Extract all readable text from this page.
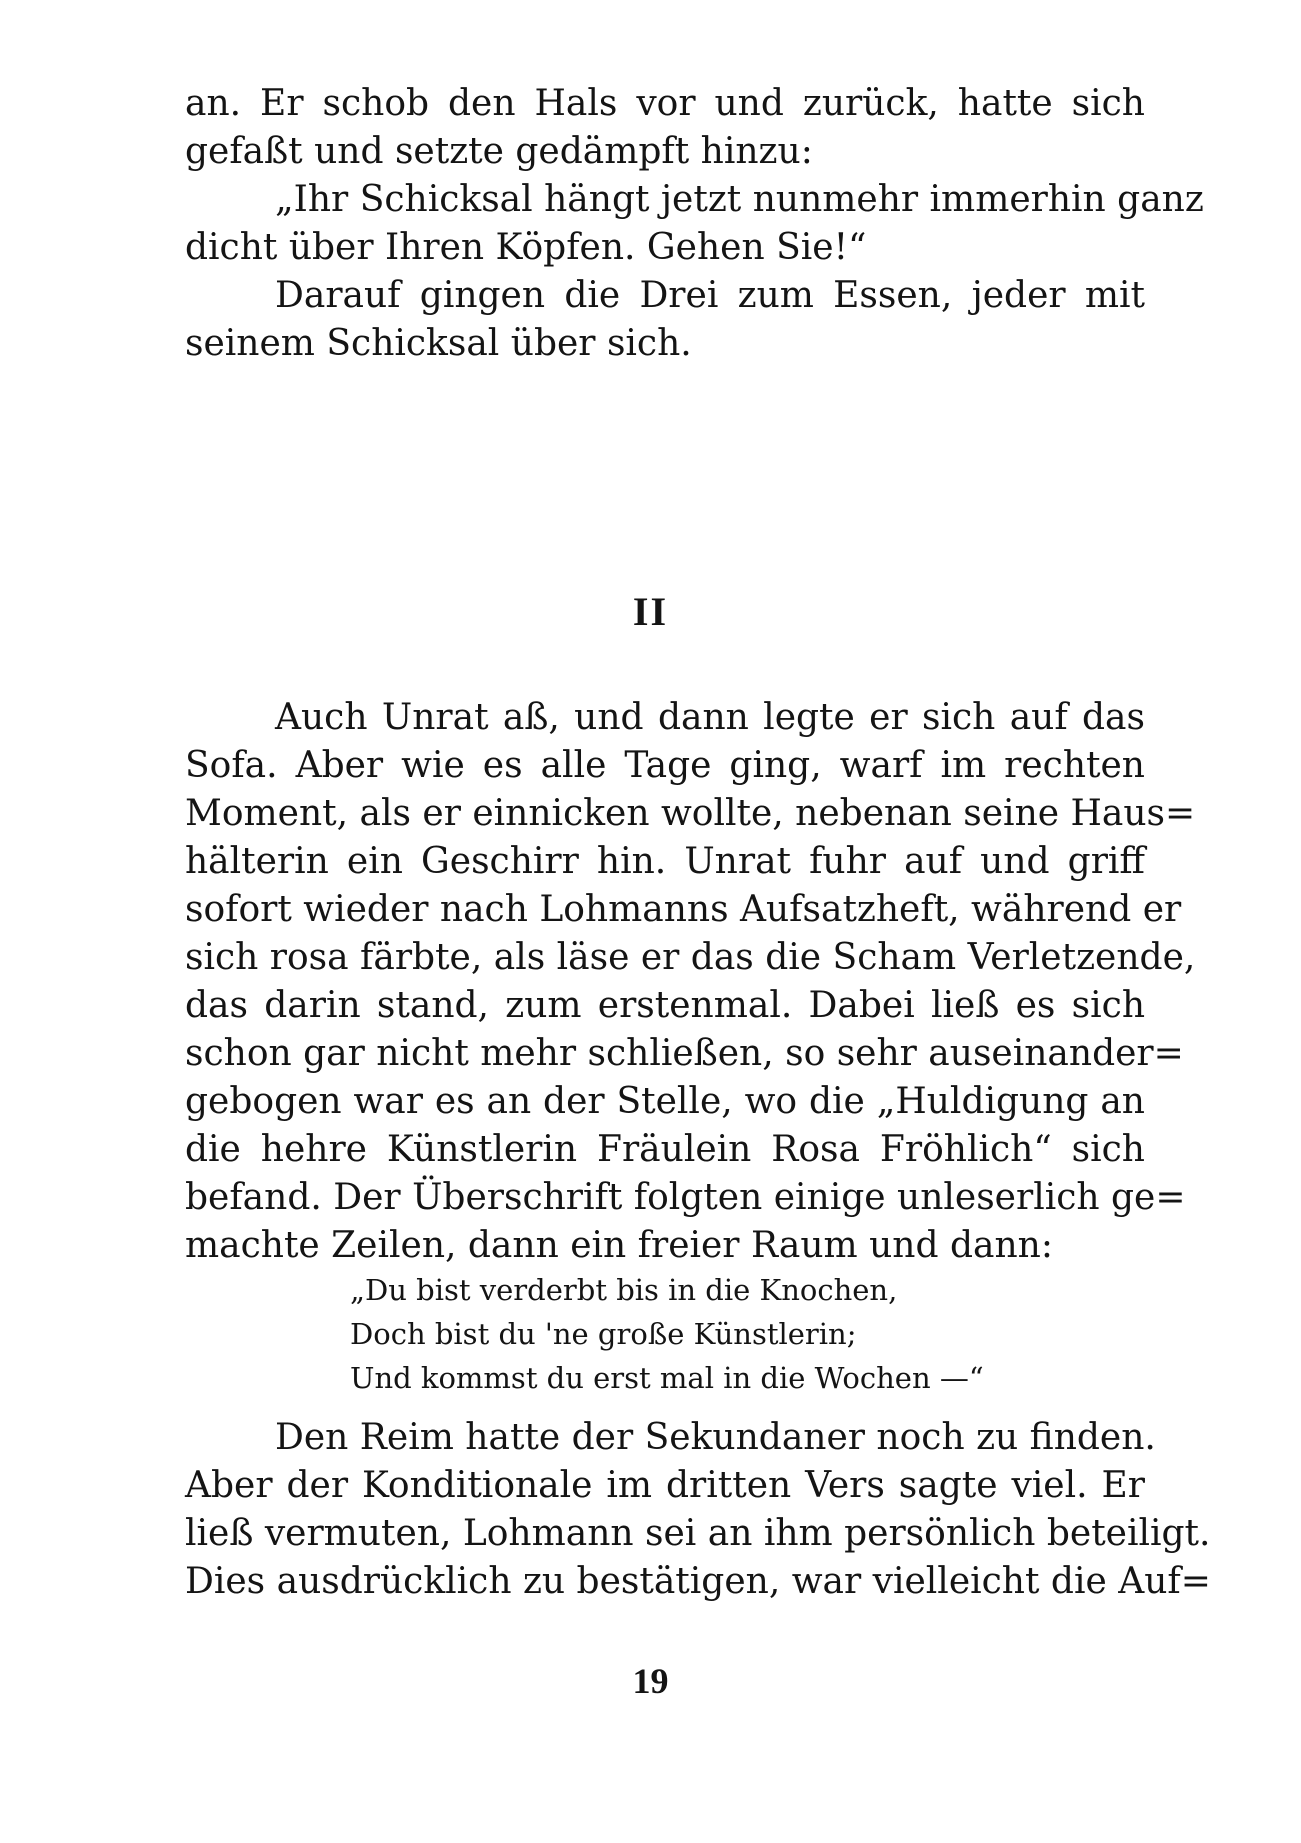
an. Er schob den Hals vor und zurück, hatte sich
gefaßt und setzte gedämpft hinzu:
„Ihr Schicksal hängt jetzt nunmehr immerhin ganz
dicht über Ihren Köpfen. Gehen Sie!“
Darauf gingen die Drei zum Essen, jeder mit
seinem Schicksal über sich.
II
Auch Unrat aß, und dann legte er sich auf das
Sofa. Aber wie es alle Tage ging, warf im rechten
Moment, als er einnicken wollte, nebenan seine Haus=
hälterin ein Geschirr hin. Unrat fuhr auf und griff
sofort wieder nach Lohmanns Aufsatzheft, während er
sich rosa färbte, als läse er das die Scham Verletzende,
das darin stand, zum erstenmal. Dabei ließ es sich
schon gar nicht mehr schließen, so sehr auseinander=
gebogen war es an der Stelle, wo die „Huldigung an
die hehre Künstlerin Fräulein Rosa Fröhlich“ sich
befand. Der Überschrift folgten einige unleserlich ge=
machte Zeilen, dann ein freier Raum und dann:
„Du bist verderbt bis in die Knochen,
Doch bist du 'ne große Künstlerin;
Und kommst du erst mal in die Wochen —“
Den Reim hatte der Sekundaner noch zu finden.
Aber der Konditionale im dritten Vers sagte viel. Er
ließ vermuten, Lohmann sei an ihm persönlich beteiligt.
Dies ausdrücklich zu bestätigen, war vielleicht die Auf=
19
